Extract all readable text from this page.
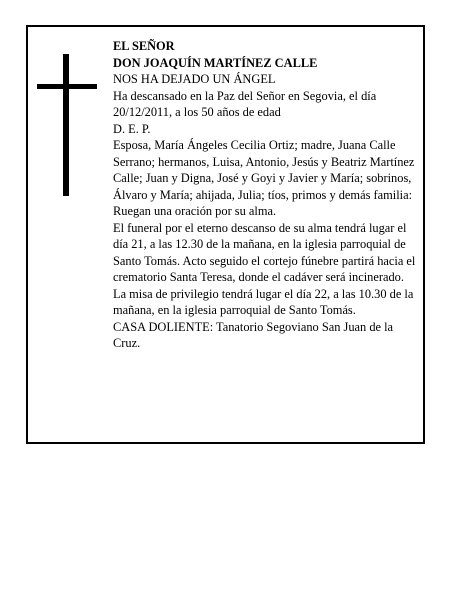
EL SEÑOR

DON JOAQUÍN MARTÍNEZ CALLE

NOS HA DEJADO UN ÁNGEL

Ha descansado en la Paz del Señor en Segovia, el día 20/12/2011, a los 50 años de edad

D. E. P.

Esposa, María Ángeles Cecilia Ortiz; madre, Juana Calle Serrano; hermanos, Luisa, Antonio, Jesús y Beatriz Martínez Calle; Juan y Digna, José y Goyi y Javier y María; sobrinos, Álvaro y María; ahijada, Julia; tíos, primos y demás familia:

Ruegan una oración por su alma.

El funeral por el eterno descanso de su alma tendrá lugar el día 21, a las 12.30 de la mañana, en la iglesia parroquial de Santo Tomás. Acto seguido el cortejo fúnebre partirá hacia el crematorio Santa Teresa, donde el cadáver será incinerado. La misa de privilegio tendrá lugar el día 22, a las 10.30 de la mañana, en la iglesia parroquial de Santo Tomás.

CASA DOLIENTE: Tanatorio Segoviano San Juan de la Cruz.
